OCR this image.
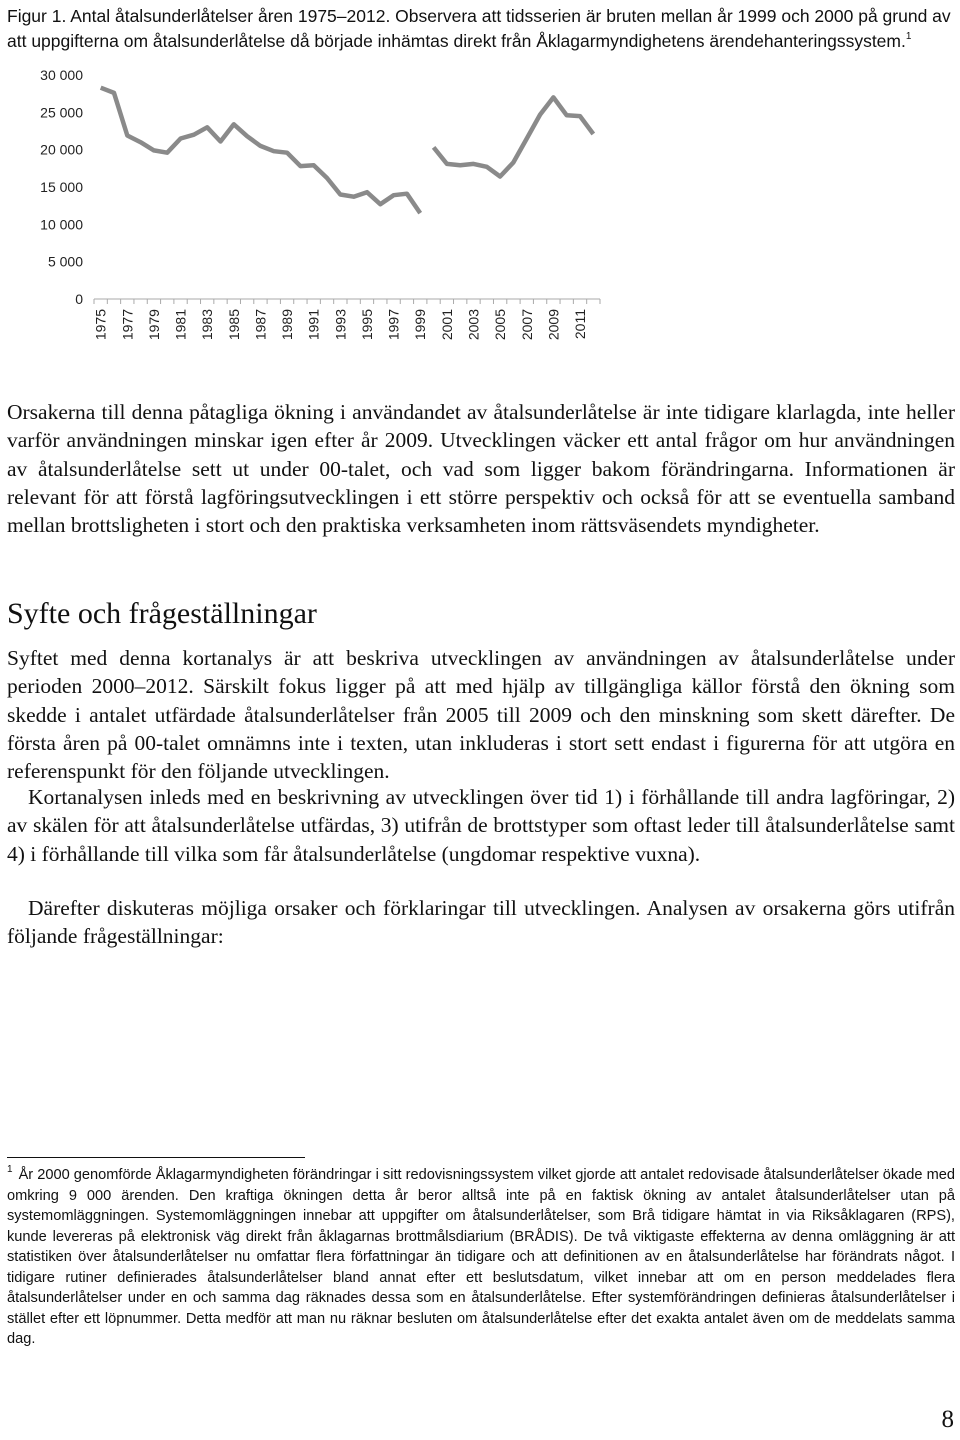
Figur 1. Antal åtalsunderlåtelser åren 1975–2012. Observera att tidsserien är bruten mellan år 1999 och 2000 på grund av att uppgifterna om åtalsunderlåtelse då började inhämtas direkt från Åklagarmyndighetens ärendehanteringssystem.$^1$
0
5 000
10 000
15 000
20 000
25 000
30 000
1975 1977 1979 1981 1983 1985 1987 1989 1991 1993 1995 1997 1999 2001 2003 2005 2007 2009 2011

Orsakerna till denna påtagliga ökning i användandet av åtalsunderlåtelse är inte tidigare klarlagda, inte heller varför användningen minskar igen efter år 2009. Utvecklingen väcker ett antal frågor om hur användningen av åtalsunderlåtelse sett ut under 00-talet, och vad som ligger bakom förändringarna. Informationen är relevant för att förstå lagföringsutvecklingen i ett större perspektiv och också för att se eventuella samband mellan brottsligheten i stort och den praktiska verksamheten inom rättsväsendets myndigheter.

Syfte och frågeställningar

Syftet med denna kortanalys är att beskriva utvecklingen av användningen av åtalsunderlåtelse under perioden 2000–2012. Särskilt fokus ligger på att med hjälp av tillgängliga källor förstå den ökning som skedde i antalet utfärdade åtalsunderlåtelser från 2005 till 2009 och den minskning som skett därefter. De första åren på 00-talet omnämns inte i texten, utan inkluderas i stort sett endast i figurerna för att utgöra en referenspunkt för den följande utvecklingen.

Kortanalysen inleds med en beskrivning av utvecklingen över tid 1) i förhållande till andra lagföringar, 2) av skälen för att åtalsunderlåtelse utfärdas, 3) utifrån de brottstyper som oftast leder till åtalsunderlåtelse samt 4) i förhållande till vilka som får åtalsunderlåtelse (ungdomar respektive vuxna).

Därefter diskuteras möjliga orsaker och förklaringar till utvecklingen. Analysen av orsakerna görs utifrån följande frågeställningar:

$^1$ År 2000 genomförde Åklagarmyndigheten förändringar i sitt redovisningssystem vilket gjorde att antalet redovisade åtalsunderlåtelser ökade med omkring 9 000 ärenden. Den kraftiga ökningen detta år beror alltså inte på en faktisk ökning av antalet åtalsunderlåtelser utan på systemomläggningen. Systemomläggningen innebar att uppgifter om åtalsunderlåtelser, som Brå tidigare hämtat in via Riksåklagaren (RPS), kunde levereras på elektronisk väg direkt från åklagarnas brottmålsdiarium (BRÅDIS). De två viktigaste effekterna av denna omläggning är att statistiken över åtalsunderlåtelser nu omfattar flera författningar än tidigare och att definitionen av en åtalsunderlåtelse har förändrats något. I tidigare rutiner definierades åtalsunderlåtelser bland annat efter ett beslutsdatum, vilket innebar att om en person meddelades flera åtalsunderlåtelser under en och samma dag räknades dessa som en åtalsunderlåtelse. Efter systemförändringen definieras åtalsunderlåtelser i stället efter ett löpnummer. Detta medför att man nu räknar besluten om åtalsunderlåtelse efter det exakta antalet även om de meddelats samma dag.
8
